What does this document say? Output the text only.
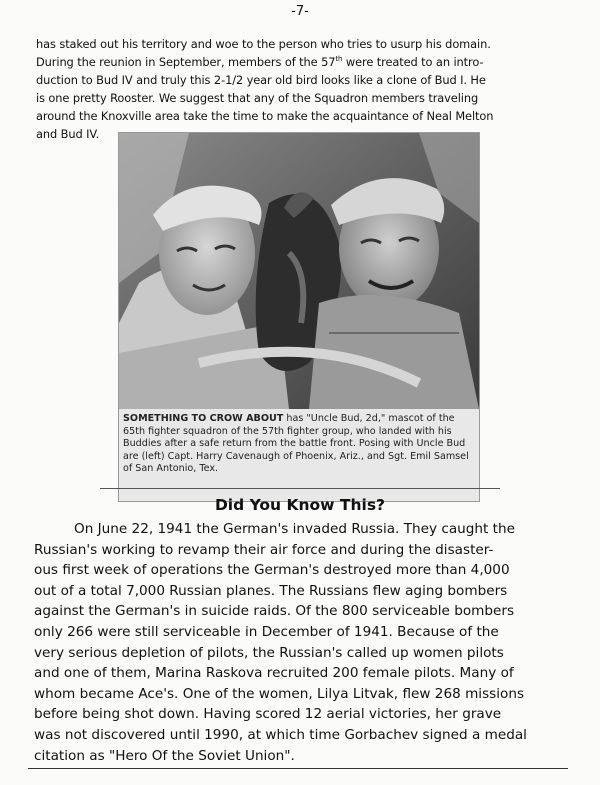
-7-

has staked out his territory and woe to the person who tries to usurp his domain.
During the reunion in September, members of the 57th were treated to an intro-
duction to Bud IV and truly this 2-1/2 year old bird looks like a clone of Bud I. He
is one pretty Rooster. We suggest that any of the Squadron members traveling
around the Knoxville area take the time to make the acquaintance of Neal Melton
and Bud IV.

SOMETHING TO CROW ABOUT has "Uncle Bud, 2d," mascot of the 65th fighter squadron of the 57th fighter group, who landed with his Buddies after a safe return from the battle front. Posing with Uncle Bud are (left) Capt. Harry Cavenaugh of Phoenix, Ariz., and Sgt. Emil Samsel of San Antonio, Tex.
Did You Know This?

On June 22, 1941 the German's invaded Russia. They caught the
Russian's working to revamp their air force and during the disaster-
ous first week of operations the German's destroyed more than 4,000
out of a total 7,000 Russian planes. The Russians flew aging bombers
against the German's in suicide raids. Of the 800 serviceable bombers
only 266 were still serviceable in December of 1941. Because of the
very serious depletion of pilots, the Russian's called up women pilots
and one of them, Marina Raskova recruited 200 female pilots. Many of
whom became Ace's. One of the women, Lilya Litvak, flew 268 missions
before being shot down. Having scored 12 aerial victories, her grave
was not discovered until 1990, at which time Gorbachev signed a medal
citation as "Hero Of the Soviet Union".
